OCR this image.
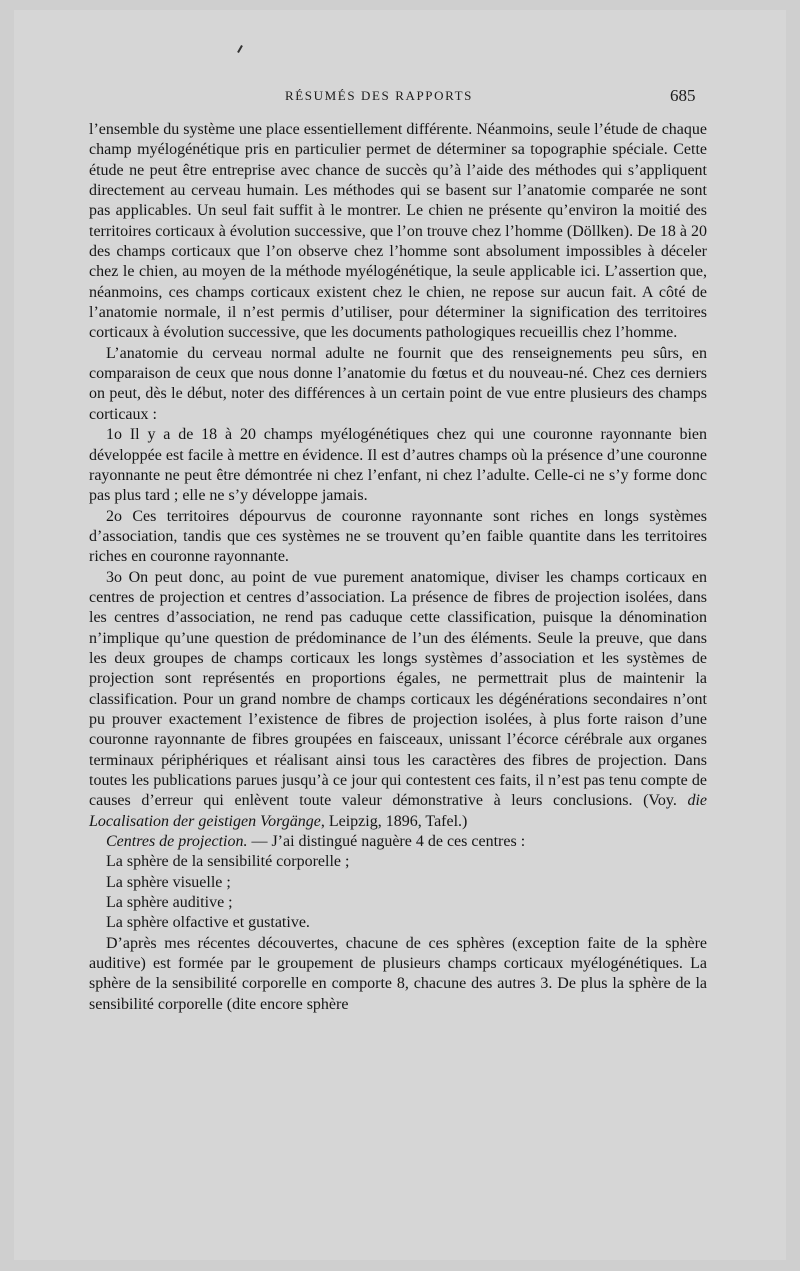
RÉSUMÉS DES RAPPORTS	685

l’ensemble du système une place essentiellement différente. Néanmoins, seule l’étude de chaque champ myélogénétique pris en particulier permet de déterminer sa topographie spéciale. Cette étude ne peut être entreprise avec chance de succès qu’à l’aide des méthodes qui s’appliquent directement au cerveau humain. Les méthodes qui se basent sur l’anatomie comparée ne sont pas applicables. Un seul fait suffit à le montrer. Le chien ne présente qu’environ la moitié des territoires corticaux à évolution successive, que l’on trouve chez l’homme (Döllken). De 18 à 20 des champs corticaux que l’on observe chez l’homme sont absolument impossibles à déceler chez le chien, au moyen de la méthode myélogénétique, la seule applicable ici. L’assertion que, néanmoins, ces champs corticaux existent chez le chien, ne repose sur aucun fait. A côté de l’anatomie normale, il n’est permis d’utiliser, pour déterminer la signification des territoires corticaux à évolution successive, que les documents pathologiques recueillis chez l’homme.

L’anatomie du cerveau normal adulte ne fournit que des renseignements peu sûrs, en comparaison de ceux que nous donne l’anatomie du fœtus et du nouveau-né. Chez ces derniers on peut, dès le début, noter des différences à un certain point de vue entre plusieurs des champs corticaux :

1o Il y a de 18 à 20 champs myélogénétiques chez qui une couronne rayonnante bien développée est facile à mettre en évidence. Il est d’autres champs où la présence d’une couronne rayonnante ne peut être démontrée ni chez l’enfant, ni chez l’adulte. Celle-ci ne s’y forme donc pas plus tard ; elle ne s’y développe jamais.

2o Ces territoires dépourvus de couronne rayonnante sont riches en longs systèmes d’association, tandis que ces systèmes ne se trouvent qu’en faible quantite dans les territoires riches en couronne rayonnante.

3o On peut donc, au point de vue purement anatomique, diviser les champs corticaux en centres de projection et centres d’association. La présence de fibres de projection isolées, dans les centres d’association, ne rend pas caduque cette classification, puisque la dénomination n’implique qu’une question de prédominance de l’un des éléments. Seule la preuve, que dans les deux groupes de champs corticaux les longs systèmes d’association et les systèmes de projection sont représentés en proportions égales, ne permettrait plus de maintenir la classification. Pour un grand nombre de champs corticaux les dégénérations secondaires n’ont pu prouver exactement l’existence de fibres de projection isolées, à plus forte raison d’une couronne rayonnante de fibres groupées en faisceaux, unissant l’écorce cérébrale aux organes terminaux périphériques et réalisant ainsi tous les caractères des fibres de projection. Dans toutes les publications parues jusqu’à ce jour qui contestent ces faits, il n’est pas tenu compte de causes d’erreur qui enlèvent toute valeur démonstrative à leurs conclusions. (Voy. die Localisation der geistigen Vorgänge, Leipzig, 1896, Tafel.)

Centres de projection. — J’ai distingué naguère 4 de ces centres :

La sphère de la sensibilité corporelle ;

La sphère visuelle ;

La sphère auditive ;

La sphère olfactive et gustative.

D’après mes récentes découvertes, chacune de ces sphères (exception faite de la sphère auditive) est formée par le groupement de plusieurs champs corticaux myélogénétiques. La sphère de la sensibilité corporelle en comporte 8, chacune des autres 3. De plus la sphère de la sensibilité corporelle (dite encore sphère
